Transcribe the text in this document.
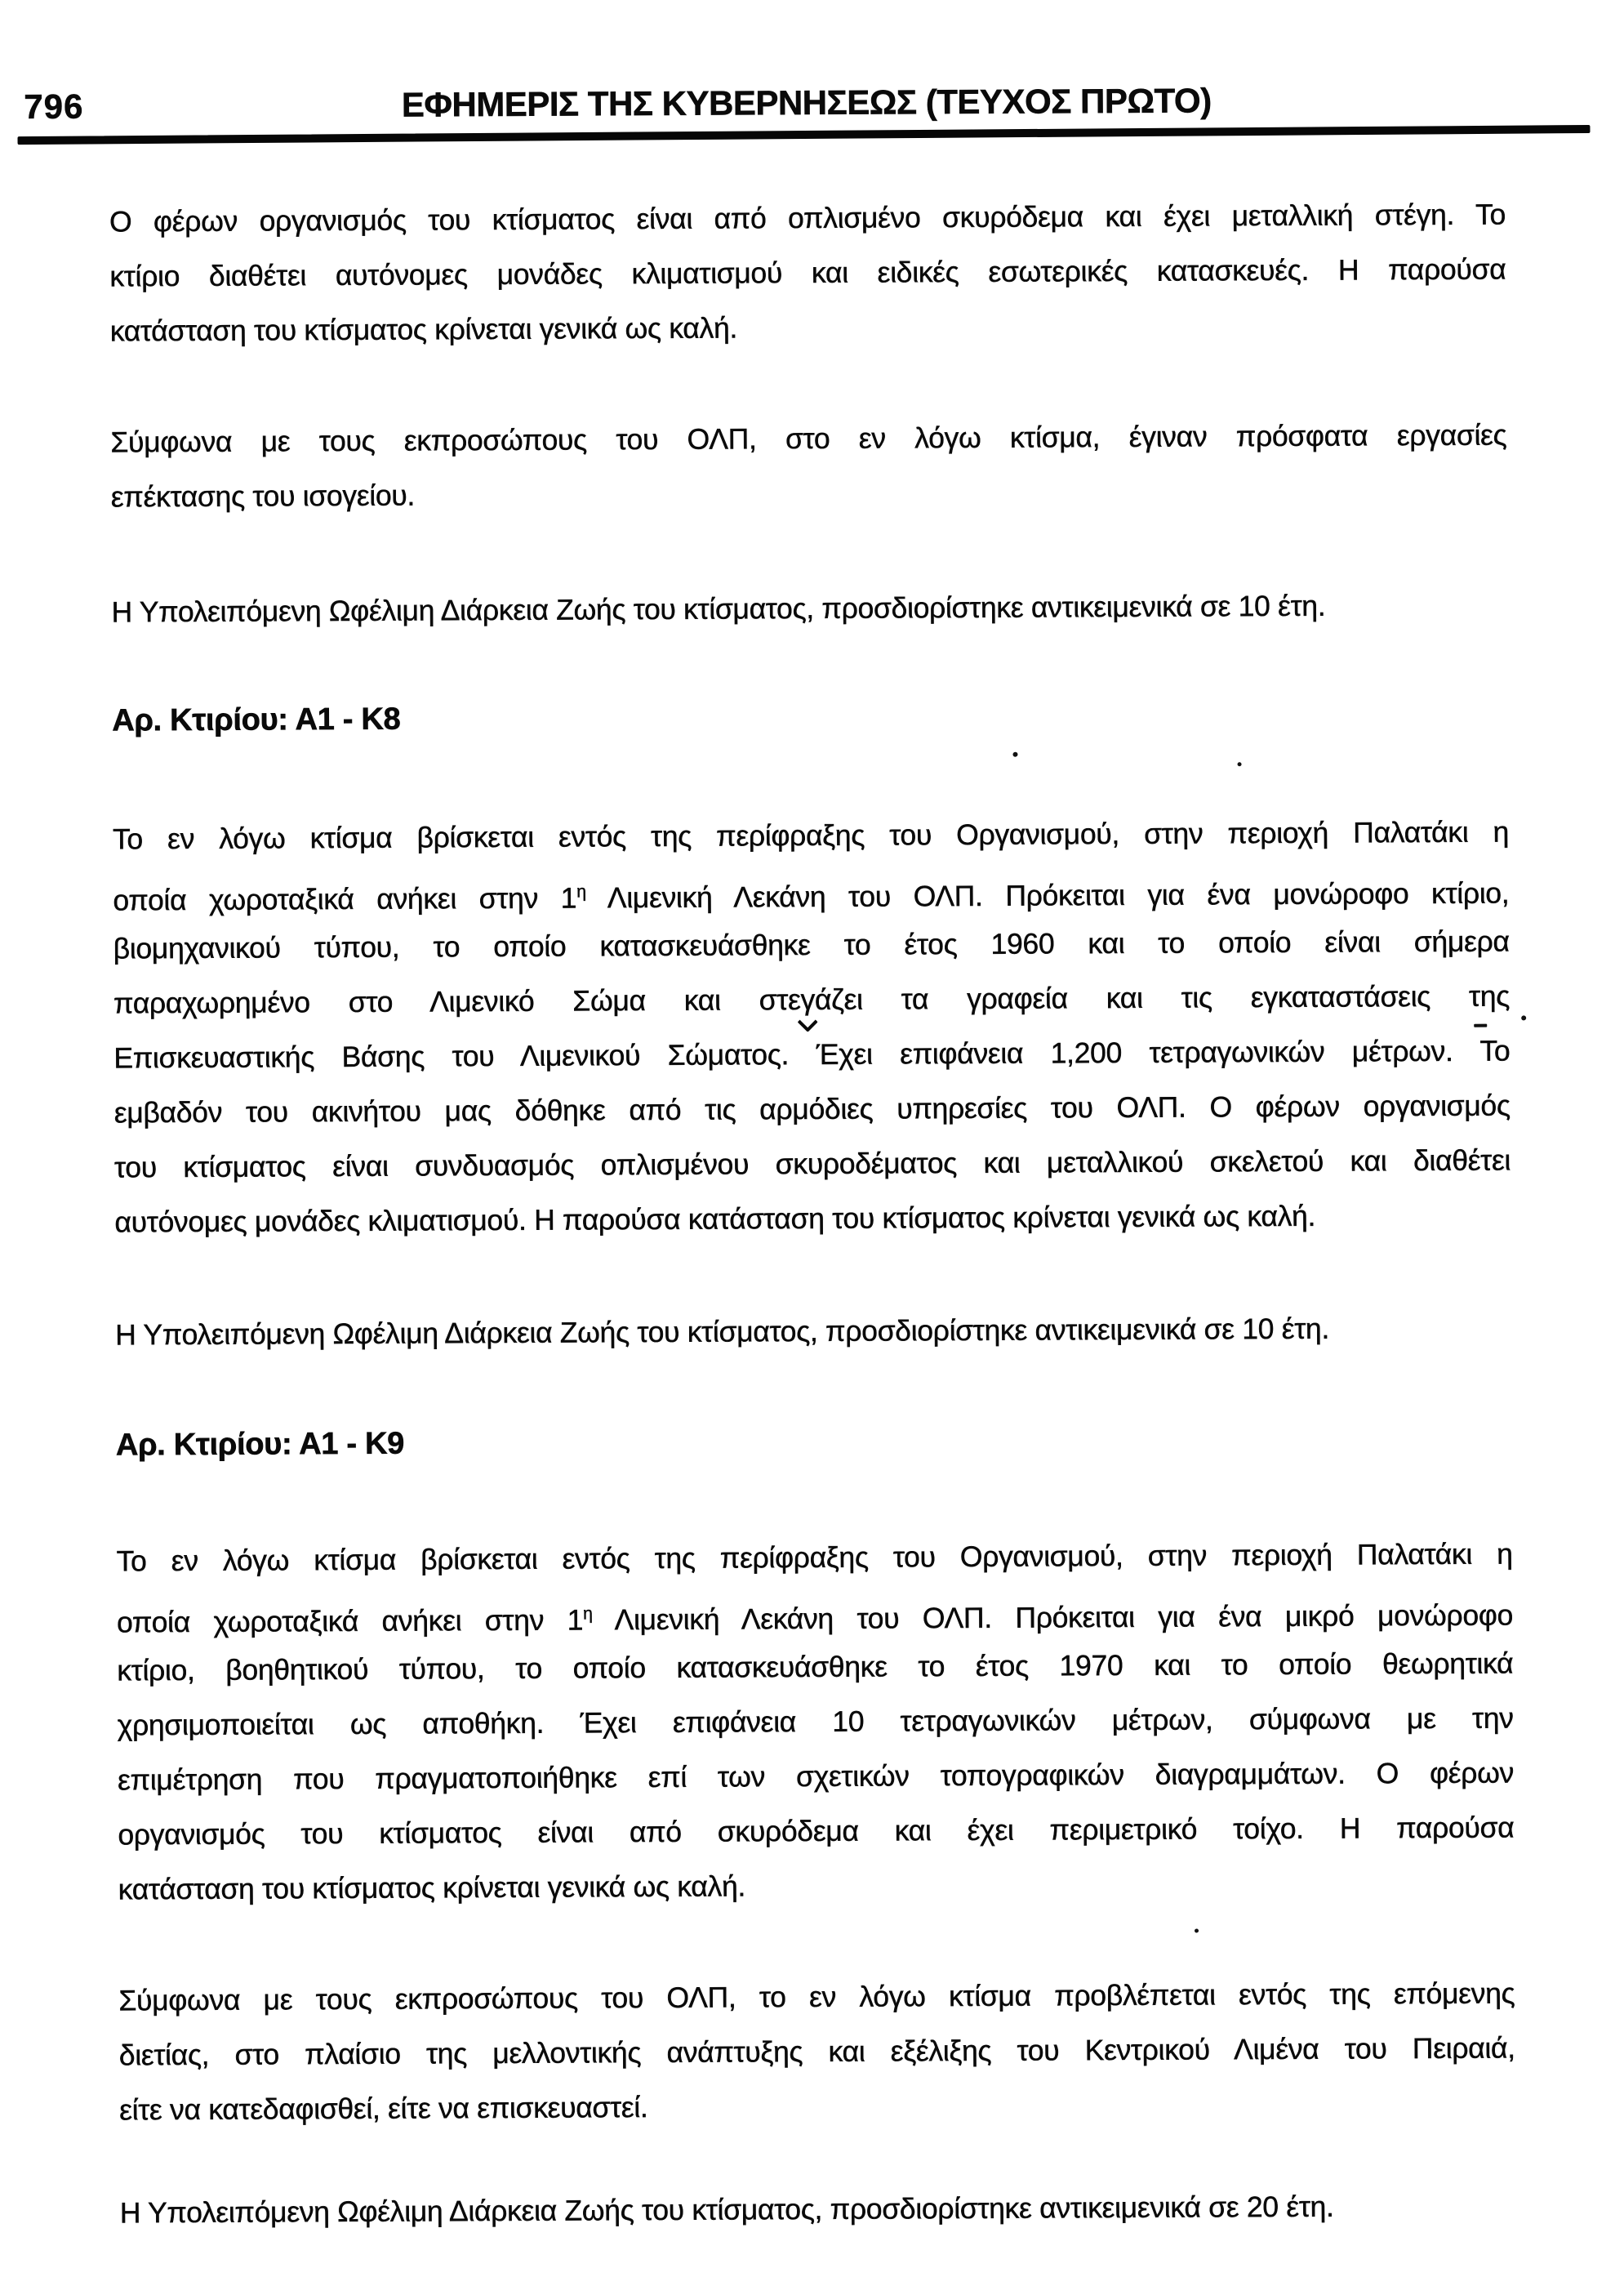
796	ΕΦΗΜΕΡΙΣ ΤΗΣ ΚΥΒΕΡΝΗΣΕΩΣ (ΤΕΥΧΟΣ ΠΡΩΤΟ)
Ο φέρων οργανισμός του κτίσματος είναι από οπλισμένο σκυρόδεμα και έχει μεταλλική στέγη. Το
κτίριο διαθέτει αυτόνομες μονάδες κλιματισμού και ειδικές εσωτερικές κατασκευές. Η παρούσα
κατάσταση του κτίσματος κρίνεται γενικά ως καλή.
Σύμφωνα με τους εκπροσώπους του ΟΛΠ, στο εν λόγω κτίσμα, έγιναν πρόσφατα εργασίες
επέκτασης του ισογείου.
Η Υπολειπόμενη Ωφέλιμη Διάρκεια Ζωής του κτίσματος, προσδιορίστηκε αντικειμενικά σε 10 έτη.
Αρ. Κτιρίου: Α1 - Κ8
Το εν λόγω κτίσμα βρίσκεται εντός της περίφραξης του Οργανισμού, στην περιοχή Παλατάκι η
οποία χωροταξικά ανήκει στην $1^\eta$ Λιμενική Λεκάνη του ΟΛΠ. Πρόκειται για ένα μονώροφο κτίριο,
βιομηχανικού τύπου, το οποίο κατασκευάσθηκε το έτος 1960 και το οποίο είναι σήμερα
παραχωρημένο στο Λιμενικό Σώμα και στεγάζει τα γραφεία και τις εγκαταστάσεις της
Επισκευαστικής Βάσης του Λιμενικού Σώματος. Έχει επιφάνεια 1,200 τετραγωνικών μέτρων. Το
εμβαδόν του ακινήτου μας δόθηκε από τις αρμόδιες υπηρεσίες του ΟΛΠ. Ο φέρων οργανισμός
του κτίσματος είναι συνδυασμός οπλισμένου σκυροδέματος και μεταλλικού σκελετού και διαθέτει
αυτόνομες μονάδες κλιματισμού. Η παρούσα κατάσταση του κτίσματος κρίνεται γενικά ως καλή.
Η Υπολειπόμενη Ωφέλιμη Διάρκεια Ζωής του κτίσματος, προσδιορίστηκε αντικειμενικά σε 10 έτη.
Αρ. Κτιρίου: Α1 - Κ9
Το εν λόγω κτίσμα βρίσκεται εντός της περίφραξης του Οργανισμού, στην περιοχή Παλατάκι η
οποία χωροταξικά ανήκει στην $1^\eta$ Λιμενική Λεκάνη του ΟΛΠ. Πρόκειται για ένα μικρό μονώροφο
κτίριο, βοηθητικού τύπου, το οποίο κατασκευάσθηκε το έτος 1970 και το οποίο θεωρητικά
χρησιμοποιείται ως αποθήκη. Έχει επιφάνεια 10 τετραγωνικών μέτρων, σύμφωνα με την
επιμέτρηση που πραγματοποιήθηκε επί των σχετικών τοπογραφικών διαγραμμάτων. Ο φέρων
οργανισμός του κτίσματος είναι από σκυρόδεμα και έχει περιμετρικό τοίχο. Η παρούσα
κατάσταση του κτίσματος κρίνεται γενικά ως καλή.
Σύμφωνα με τους εκπροσώπους του ΟΛΠ, το εν λόγω κτίσμα προβλέπεται εντός της επόμενης
διετίας, στο πλαίσιο της μελλοντικής ανάπτυξης και εξέλιξης του Κεντρικού Λιμένα του Πειραιά,
είτε να κατεδαφισθεί, είτε να επισκευαστεί.
Η Υπολειπόμενη Ωφέλιμη Διάρκεια Ζωής του κτίσματος, προσδιορίστηκε αντικειμενικά σε 20 έτη.
